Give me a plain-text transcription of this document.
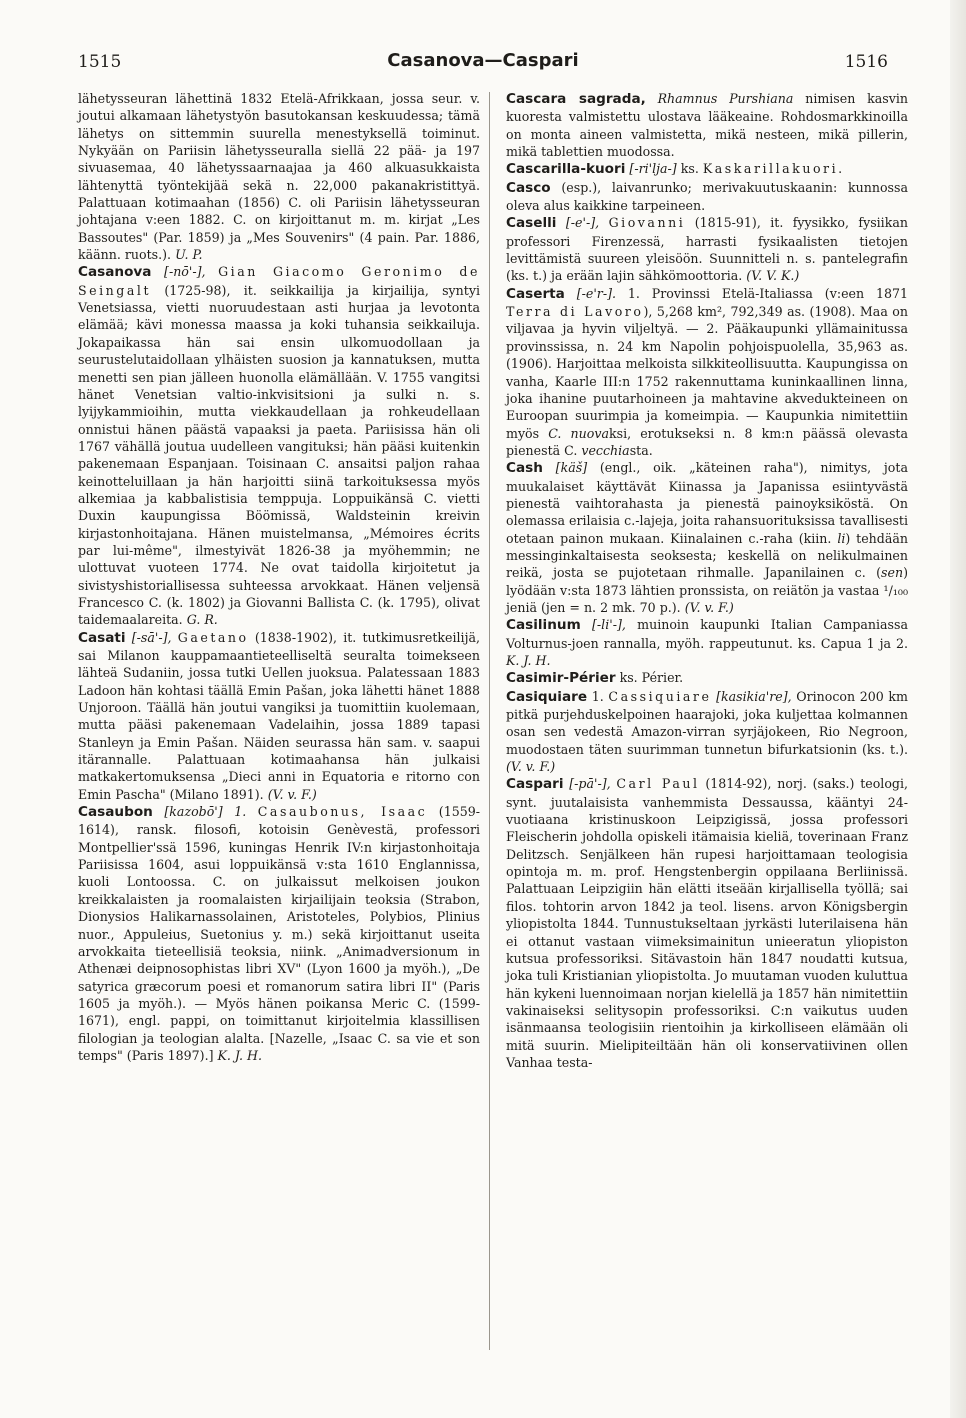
1515	Casanova—Caspari	1516

lähetysseuran lähettinä 1832 Etelä-Afrikkaan, jossa seur. v. joutui alkamaan lähetystyön basutokansan keskuudessa; tämä lähetys on sittemmin suurella menestyksellä toiminut. Nykyään on Pariisin lähetysseuralla siellä 22 pää- ja 197 sivuasemaa, 40 lähetyssaarnaajaa ja 460 alkuasukkaista lähtenyttä työntekijää sekä n. 22,000 pakanakristittyä. Palattuaan kotimaahan (1856) C. oli Pariisin lähetysseuran johtajana v:een 1882. C. on kirjoittanut m. m. kirjat „Les Bassoutes" (Par. 1859) ja „Mes Souvenirs" (4 pain. Par. 1886, käänn. ruots.). U. P.

Casanova [-nō'-], Gian Giacomo Geronimo de Seingalt (1725-98), it. seikkailija ja kirjailija, syntyi Venetsiassa, vietti nuoruudestaan asti hurjaa ja levotonta elämää; kävi monessa maassa ja koki tuhansia seikkailuja. Jokapaikassa hän sai ensin ulkomuodollaan ja seurustelutaidollaan ylhäisten suosion ja kannatuksen, mutta menetti sen pian jälleen huonolla elämällään. V. 1755 vangitsi hänet Venetsian valtio-inkvisitsioni ja sulki n. s. lyijykammioihin, mutta viekkaudellaan ja rohkeudellaan onnistui hänen päästä vapaaksi ja paeta. Pariisissa hän oli 1767 vähällä joutua uudelleen vangituksi; hän pääsi kuitenkin pakenemaan Espanjaan. Toisinaan C. ansaitsi paljon rahaa keinotteluillaan ja hän harjoitti siinä tarkoituksessa myös alkemiaa ja kabbalistisia temppuja. Loppuikänsä C. vietti Duxin kaupungissa Böömissä, Waldsteinin kreivin kirjastonhoitajana. Hänen muistelmansa, „Mémoires écrits par lui-même", ilmestyivät 1826-38 ja myöhemmin; ne ulottuvat vuoteen 1774. Ne ovat taidolla kirjoitetut ja sivistyshistoriallisessa suhteessa arvokkaat. Hänen veljensä Francesco C. (k. 1802) ja Giovanni Ballista C. (k. 1795), olivat taidemaalareita. G. R.

Casati [-sā'-], Gaetano (1838-1902), it. tutkimusretkeilijä, sai Milanon kauppamaantieteelliseltä seuralta toimekseen lähteä Sudaniin, jossa tutki Uellen juoksua. Palatessaan 1883 Ladoon hän kohtasi täällä Emin Pašan, joka lähetti hänet 1888 Unjoroon. Täällä hän joutui vangiksi ja tuomittiin kuolemaan, mutta pääsi pakenemaan Vadelaihin, jossa 1889 tapasi Stanleyn ja Emin Pašan. Näiden seurassa hän sam. v. saapui itärannalle. Palattuaan kotimaahansa hän julkaisi matkakertomuksensa „Dieci anni in Equatoria e ritorno con Emin Pascha" (Milano 1891). (V. v. F.)

Casaubon [kazobō'] 1. Casaubonus, Isaac (1559-1614), ransk. filosofi, kotoisin Genèvestä, professori Montpellier'ssä 1596, kuningas Henrik IV:n kirjastonhoitaja Pariisissa 1604, asui loppuikänsä v:sta 1610 Englannissa, kuoli Lontoossa. C. on julkaissut melkoisen joukon kreikkalaisten ja roomalaisten kirjailijain teoksia (Strabon, Dionysios Halikarnassolainen, Aristoteles, Polybios, Plinius nuor., Appuleius, Suetonius y. m.) sekä kirjoittanut useita arvokkaita tieteellisiä teoksia, niink. „Animadversionum in Athenæi deipnosophistas libri XV" (Lyon 1600 ja myöh.), „De satyrica græcorum poesi et romanorum satira libri II" (Paris 1605 ja myöh.). — Myös hänen poikansa Meric C. (1599-1671), engl. pappi, on toimittanut kirjoitelmia klassillisen filologian ja teologian alalta. [Nazelle, „Isaac C. sa vie et son temps" (Paris 1897).] K. J. H.

Cascara sagrada, Rhamnus Purshiana nimisen kasvin kuoresta valmistettu ulostava lääkeaine. Rohdosmarkkinoilla on monta aineen valmistetta, mikä nesteen, mikä pillerin, mikä tablettien muodossa.

Cascarilla-kuori [-ri'lja-] ks. Kaskarillakuori.

Casco (esp.), laivanrunko; merivakuutuskaanin: kunnossa oleva alus kaikkine tarpeineen.

Caselli [-e'-], Giovanni (1815-91), it. fyysikko, fysiikan professori Firenzessä, harrasti fysikaalisten tietojen levittämistä suureen yleisöön. Suunnitteli n. s. pantelegrafin (ks. t.) ja erään lajin sähkömoottoria. (V. V. K.)

Caserta [-e'r-]. 1. Provinssi Etelä-Italiassa (v:een 1871 Terra di Lavoro), 5,268 km², 792,349 as. (1908). Maa on viljavaa ja hyvin viljeltyä. — 2. Pääkaupunki yllämainitussa provinssissa, n. 24 km Napolin pohjoispuolella, 35,963 as. (1906). Harjoittaa melkoista silkkiteollisuutta. Kaupungissa on vanha, Kaarle III:n 1752 rakennuttama kuninkaallinen linna, joka ihanine puutarhoineen ja mahtavine akvedukteineen on Euroopan suurimpia ja komeimpia. — Kaupunkia nimitettiin myös C. nuovaksi, erotukseksi n. 8 km:n päässä olevasta pienestä C. vecchiasta.

Cash [käš] (engl., oik. „käteinen raha"), nimitys, jota muukalaiset käyttävät Kiinassa ja Japanissa esiintyvästä pienestä vaihtorahasta ja pienestä painoyksiköstä. On olemassa erilaisia c.-lajeja, joita rahansuorituksissa tavallisesti otetaan painon mukaan. Kiinalainen c.-raha (kiin. li) tehdään messinginkaltaisesta seoksesta; keskellä on nelikulmainen reikä, josta se pujotetaan rihmalle. Japanilainen c. (sen) lyödään v:sta 1873 lähtien pronssista, on reiätön ja vastaa ¹/₁₀₀ jeniä (jen = n. 2 mk. 70 p.). (V. v. F.)

Casilinum [-li'-], muinoin kaupunki Italian Campaniassa Volturnus-joen rannalla, myöh. rappeutunut. ks. Capua 1 ja 2. K. J. H.

Casimir-Périer ks. Périer.

Casiquiare 1. Cassiquiare [kasikia're], Orinocon 200 km pitkä purjehduskelpoinen haarajoki, joka kuljettaa kolmannen osan sen vedestä Amazon-virran syrjäjokeen, Rio Negroon, muodostaen täten suurimman tunnetun bifurkatsionin (ks. t.). (V. v. F.)

Caspari [-pā'-], Carl Paul (1814-92), norj. (saks.) teologi, synt. juutalaisista vanhemmista Dessaussa, kääntyi 24-vuotiaana kristinuskoon Leipzigissä, jossa professori Fleischerin johdolla opiskeli itämaisia kieliä, toverinaan Franz Delitzsch. Senjälkeen hän rupesi harjoittamaan teologisia opintoja m. m. prof. Hengstenbergin oppilaana Berliinissä. Palattuaan Leipzigiin hän elätti itseään kirjallisella työllä; sai filos. tohtorin arvon 1842 ja teol. lisens. arvon Königsbergin yliopistolta 1844. Tunnustukseltaan jyrkästi luterilaisena hän ei ottanut vastaan viimeksimainitun unieeratun yliopiston kutsua professoriksi. Sitävastoin hän 1847 noudatti kutsua, joka tuli Kristianian yliopistolta. Jo muutaman vuoden kuluttua hän kykeni luennoimaan norjan kielellä ja 1857 hän nimitettiin vakinaiseksi selitysopin professoriksi. C:n vaikutus uuden isänmaansa teologisiin rientoihin ja kirkolliseen elämään oli mitä suurin. Mielipiteiltään hän oli konservatiivinen ollen Vanhaa testa-
